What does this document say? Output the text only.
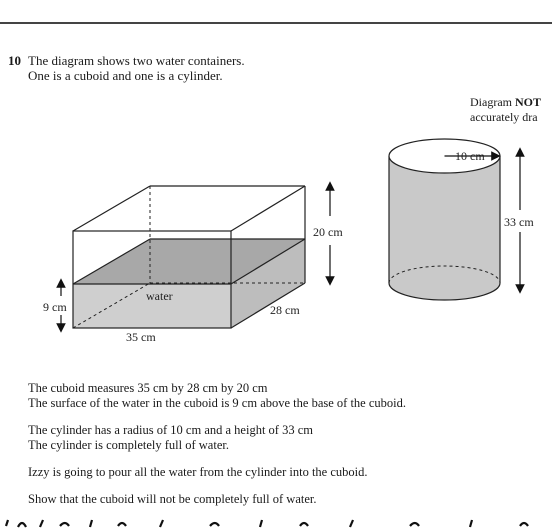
10 The diagram shows two water containers.
One is a cuboid and one is a cylinder.
Diagram NOT
accurately dra
20 cm
9 cm
water
28 cm
35 cm
10 cm
33 cm

The cuboid measures 35 cm by 28 cm by 20 cm

The surface of the water in the cuboid is 9 cm above the base of the cuboid.

The cylinder has a radius of 10 cm and a height of 33 cm

The cylinder is completely full of water.

Izzy is going to pour all the water from the cylinder into the cuboid.

Show that the cuboid will not be completely full of water.
